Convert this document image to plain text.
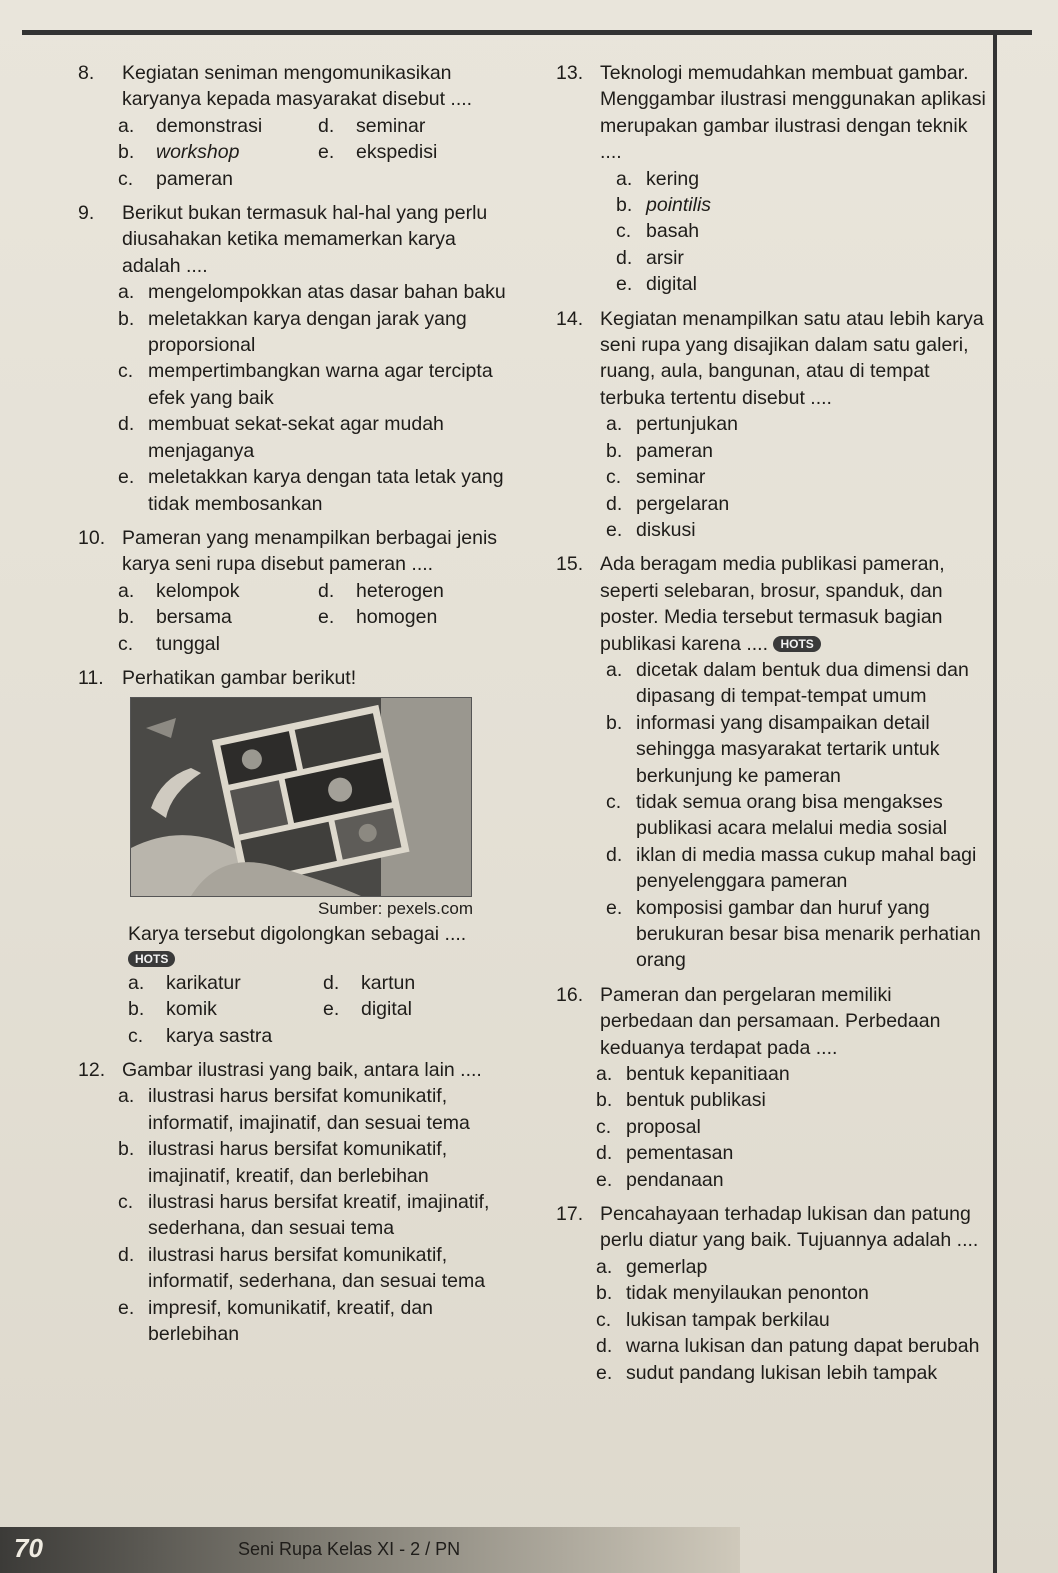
8.	Kegiatan seniman mengomunikasikan karyanya kepada masyarakat disebut ....
a.	demonstrasi	d.	seminar
b.	workshop	e.	ekspedisi
c.	pameran
9.	Berikut bukan termasuk hal-hal yang perlu diusahakan ketika memamerkan karya adalah ....
a. mengelompokkan atas dasar bahan baku
b. meletakkan karya dengan jarak yang proporsional
c. mempertimbangkan warna agar tercipta efek yang baik
d. membuat sekat-sekat agar mudah menjaganya
e. meletakkan karya dengan tata letak yang tidak membosankan
10. Pameran yang menampilkan berbagai jenis karya seni rupa disebut pameran ....
a.	kelompok	d.	heterogen
b.	bersama	e.	homogen
c.	tunggal
11. Perhatikan gambar berikut!
Sumber: pexels.com
Karya tersebut digolongkan sebagai ....
HOTS
a.	karikatur	d.	kartun
b.	komik	e.	digital
c.	karya sastra
12. Gambar ilustrasi yang baik, antara lain ....
a. ilustrasi harus bersifat komunikatif, informatif, imajinatif, dan sesuai tema
b. ilustrasi harus bersifat komunikatif, imajinatif, kreatif, dan berlebihan
c. ilustrasi harus bersifat kreatif, imajinatif, sederhana, dan sesuai tema
d. ilustrasi harus bersifat komunikatif, informatif, sederhana, dan sesuai tema
e. impresif, komunikatif, kreatif, dan berlebihan
13. Teknologi memudahkan membuat gambar. Menggambar ilustrasi menggunakan aplikasi merupakan gambar ilustrasi dengan teknik ....
a. kering
b. pointilis
c. basah
d. arsir
e. digital
14. Kegiatan menampilkan satu atau lebih karya seni rupa yang disajikan dalam satu galeri, ruang, aula, bangunan, atau di tempat terbuka tertentu disebut ....
a. pertunjukan
b. pameran
c. seminar
d. pergelaran
e. diskusi
15. Ada beragam media publikasi pameran, seperti selebaran, brosur, spanduk, dan poster. Media tersebut termasuk bagian publikasi karena .... HOTS
a. dicetak dalam bentuk dua dimensi dan dipasang di tempat-tempat umum
b. informasi yang disampaikan detail sehingga masyarakat tertarik untuk berkunjung ke pameran
c. tidak semua orang bisa mengakses publikasi acara melalui media sosial
d. iklan di media massa cukup mahal bagi penyelenggara pameran
e. komposisi gambar dan huruf yang berukuran besar bisa menarik perhatian orang
16. Pameran dan pergelaran memiliki perbedaan dan persamaan. Perbedaan keduanya terdapat pada ....
a. bentuk kepanitiaan
b. bentuk publikasi
c. proposal
d. pementasan
e. pendanaan
17. Pencahayaan terhadap lukisan dan patung perlu diatur yang baik. Tujuannya adalah ....
a. gemerlap
b. tidak menyilaukan penonton
c. lukisan tampak berkilau
d. warna lukisan dan patung dapat berubah
e. sudut pandang lukisan lebih tampak
70	Seni Rupa Kelas XI - 2 / PN
